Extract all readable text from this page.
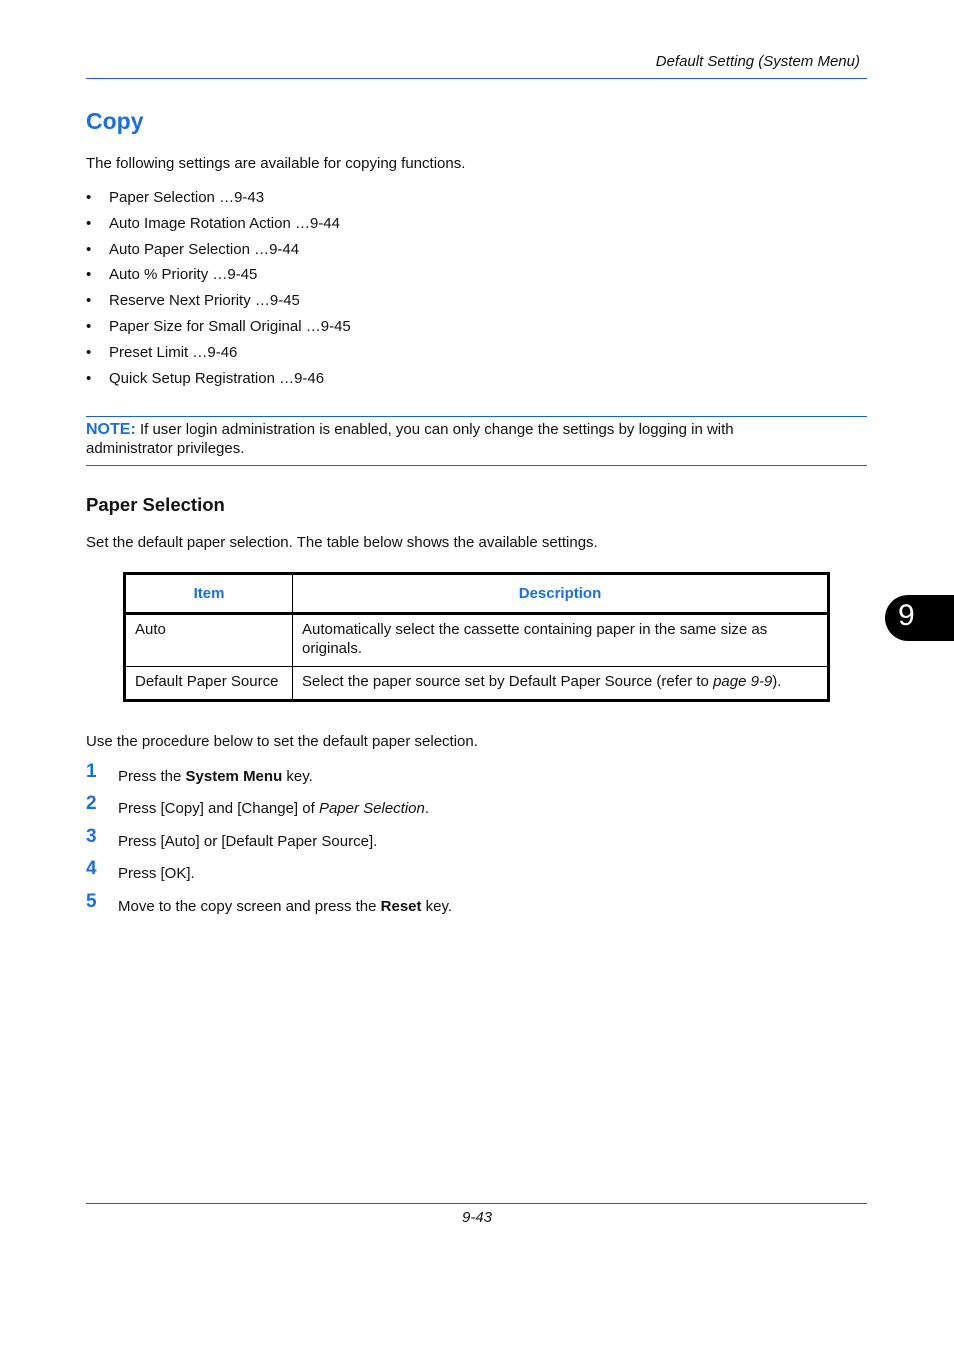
Default Setting (System Menu)
Copy
The following settings are available for copying functions.
• Paper Selection …9-43
• Auto Image Rotation Action …9-44
• Auto Paper Selection …9-44
• Auto % Priority …9-45
• Reserve Next Priority …9-45
• Paper Size for Small Original …9-45
• Preset Limit …9-46
• Quick Setup Registration …9-46
NOTE: If user login administration is enabled, you can only change the settings by logging in with administrator privileges.
Paper Selection
Set the default paper selection. The table below shows the available settings.
Item	Description
Auto	Automatically select the cassette containing paper in the same size as originals.
Default Paper Source	Select the paper source set by Default Paper Source (refer to page 9-9).
Use the procedure below to set the default paper selection.
1 Press the System Menu key.
2 Press [Copy] and [Change] of Paper Selection.
3 Press [Auto] or [Default Paper Source].
4 Press [OK].
5 Move to the copy screen and press the Reset key.
9
9-43
